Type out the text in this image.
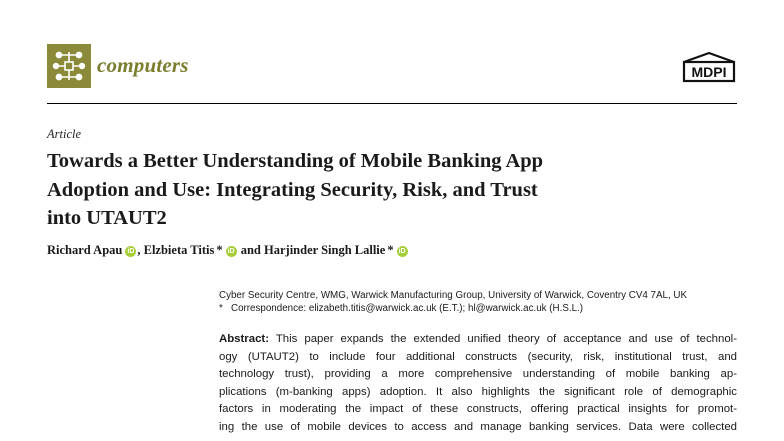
computers	MDPI
Article
Towards a Better Understanding of Mobile Banking App
Adoption and Use: Integrating Security, Risk, and Trust
into UTAUT2
Richard Apau iD , Elzbieta Titis * iD and Harjinder Singh Lallie * iD
Cyber Security Centre, WMG, Warwick Manufacturing Group, University of Warwick, Coventry CV4 7AL, UK
* Correspondence: elizabeth.titis@warwick.ac.uk (E.T.); hl@warwick.ac.uk (H.S.L.)
Abstract: This paper expands the extended unified theory of acceptance and use of technol-
ogy (UTAUT2) to include four additional constructs (security, risk, institutional trust, and
technology trust), providing a more comprehensive understanding of mobile banking ap-
plications (m-banking apps) adoption. It also highlights the significant role of demographic
factors in moderating the impact of these constructs, offering practical insights for promot-
ing the use of mobile devices to access and manage banking services. Data were collected
